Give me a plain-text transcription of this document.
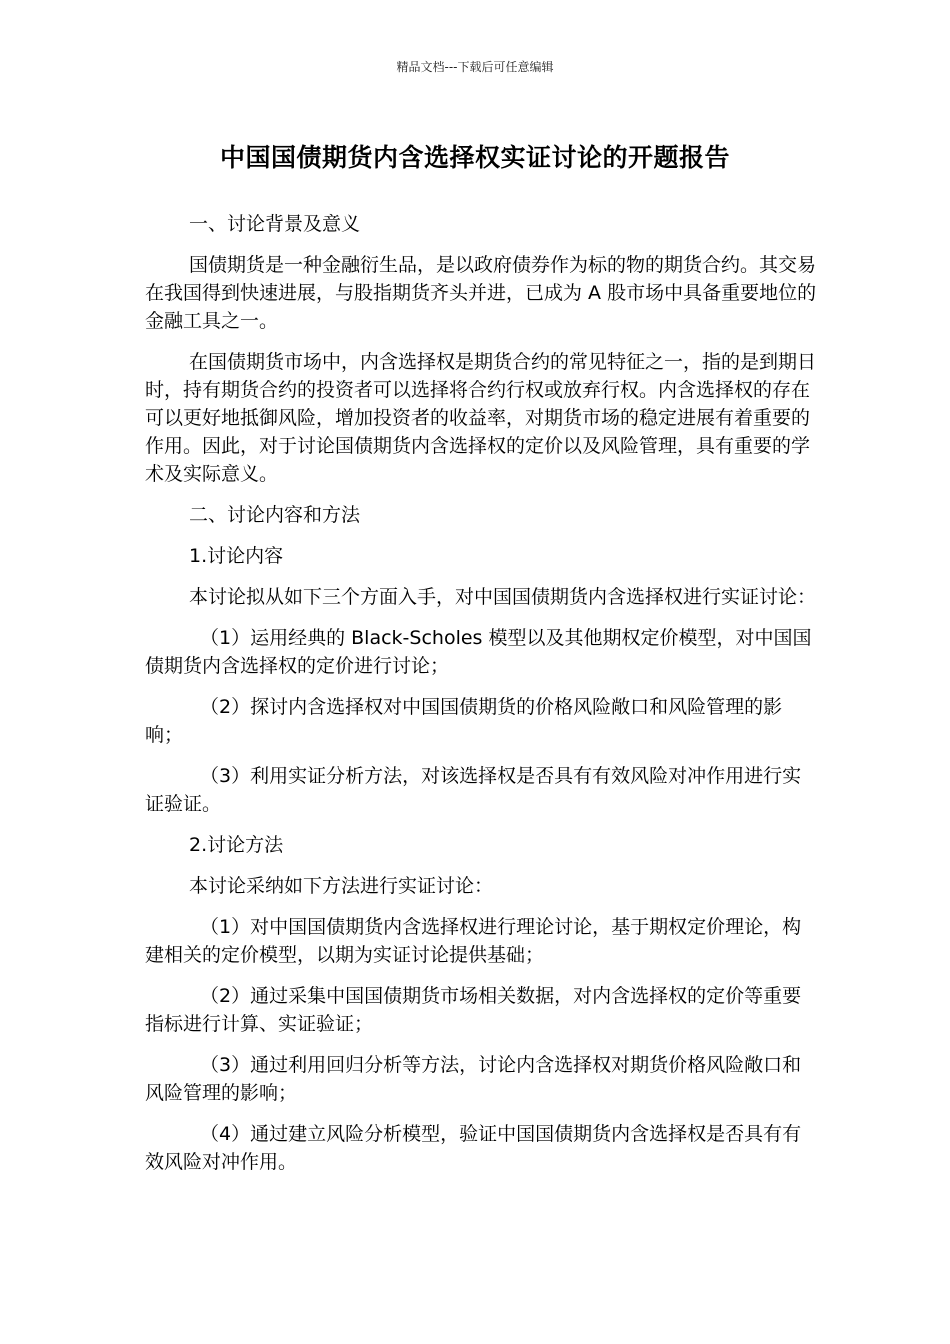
精品文档---下载后可任意编辑
中国国债期货内含选择权实证讨论的开题报告

一、讨论背景及意义

国债期货是一种金融衍生品，是以政府债券作为标的物的期货合约。其交易在我国得到快速进展，与股指期货齐头并进，已成为 A 股市场中具备重要地位的金融工具之一。

在国债期货市场中，内含选择权是期货合约的常见特征之一，指的是到期日时，持有期货合约的投资者可以选择将合约行权或放弃行权。内含选择权的存在可以更好地抵御风险，增加投资者的收益率，对期货市场的稳定进展有着重要的作用。因此，对于讨论国债期货内含选择权的定价以及风险管理，具有重要的学术及实际意义。

二、讨论内容和方法

1.讨论内容

本讨论拟从如下三个方面入手，对中国国债期货内含选择权进行实证讨论：

（1）运用经典的 Black-Scholes 模型以及其他期权定价模型，对中国国债期货内含选择权的定价进行讨论；

（2）探讨内含选择权对中国国债期货的价格风险敞口和风险管理的影响；

（3）利用实证分析方法，对该选择权是否具有有效风险对冲作用进行实证验证。

2.讨论方法

本讨论采纳如下方法进行实证讨论：

（1）对中国国债期货内含选择权进行理论讨论，基于期权定价理论，构建相关的定价模型，以期为实证讨论提供基础；

（2）通过采集中国国债期货市场相关数据，对内含选择权的定价等重要指标进行计算、实证验证；

（3）通过利用回归分析等方法，讨论内含选择权对期货价格风险敞口和风险管理的影响；

（4）通过建立风险分析模型，验证中国国债期货内含选择权是否具有有效风险对冲作用。
